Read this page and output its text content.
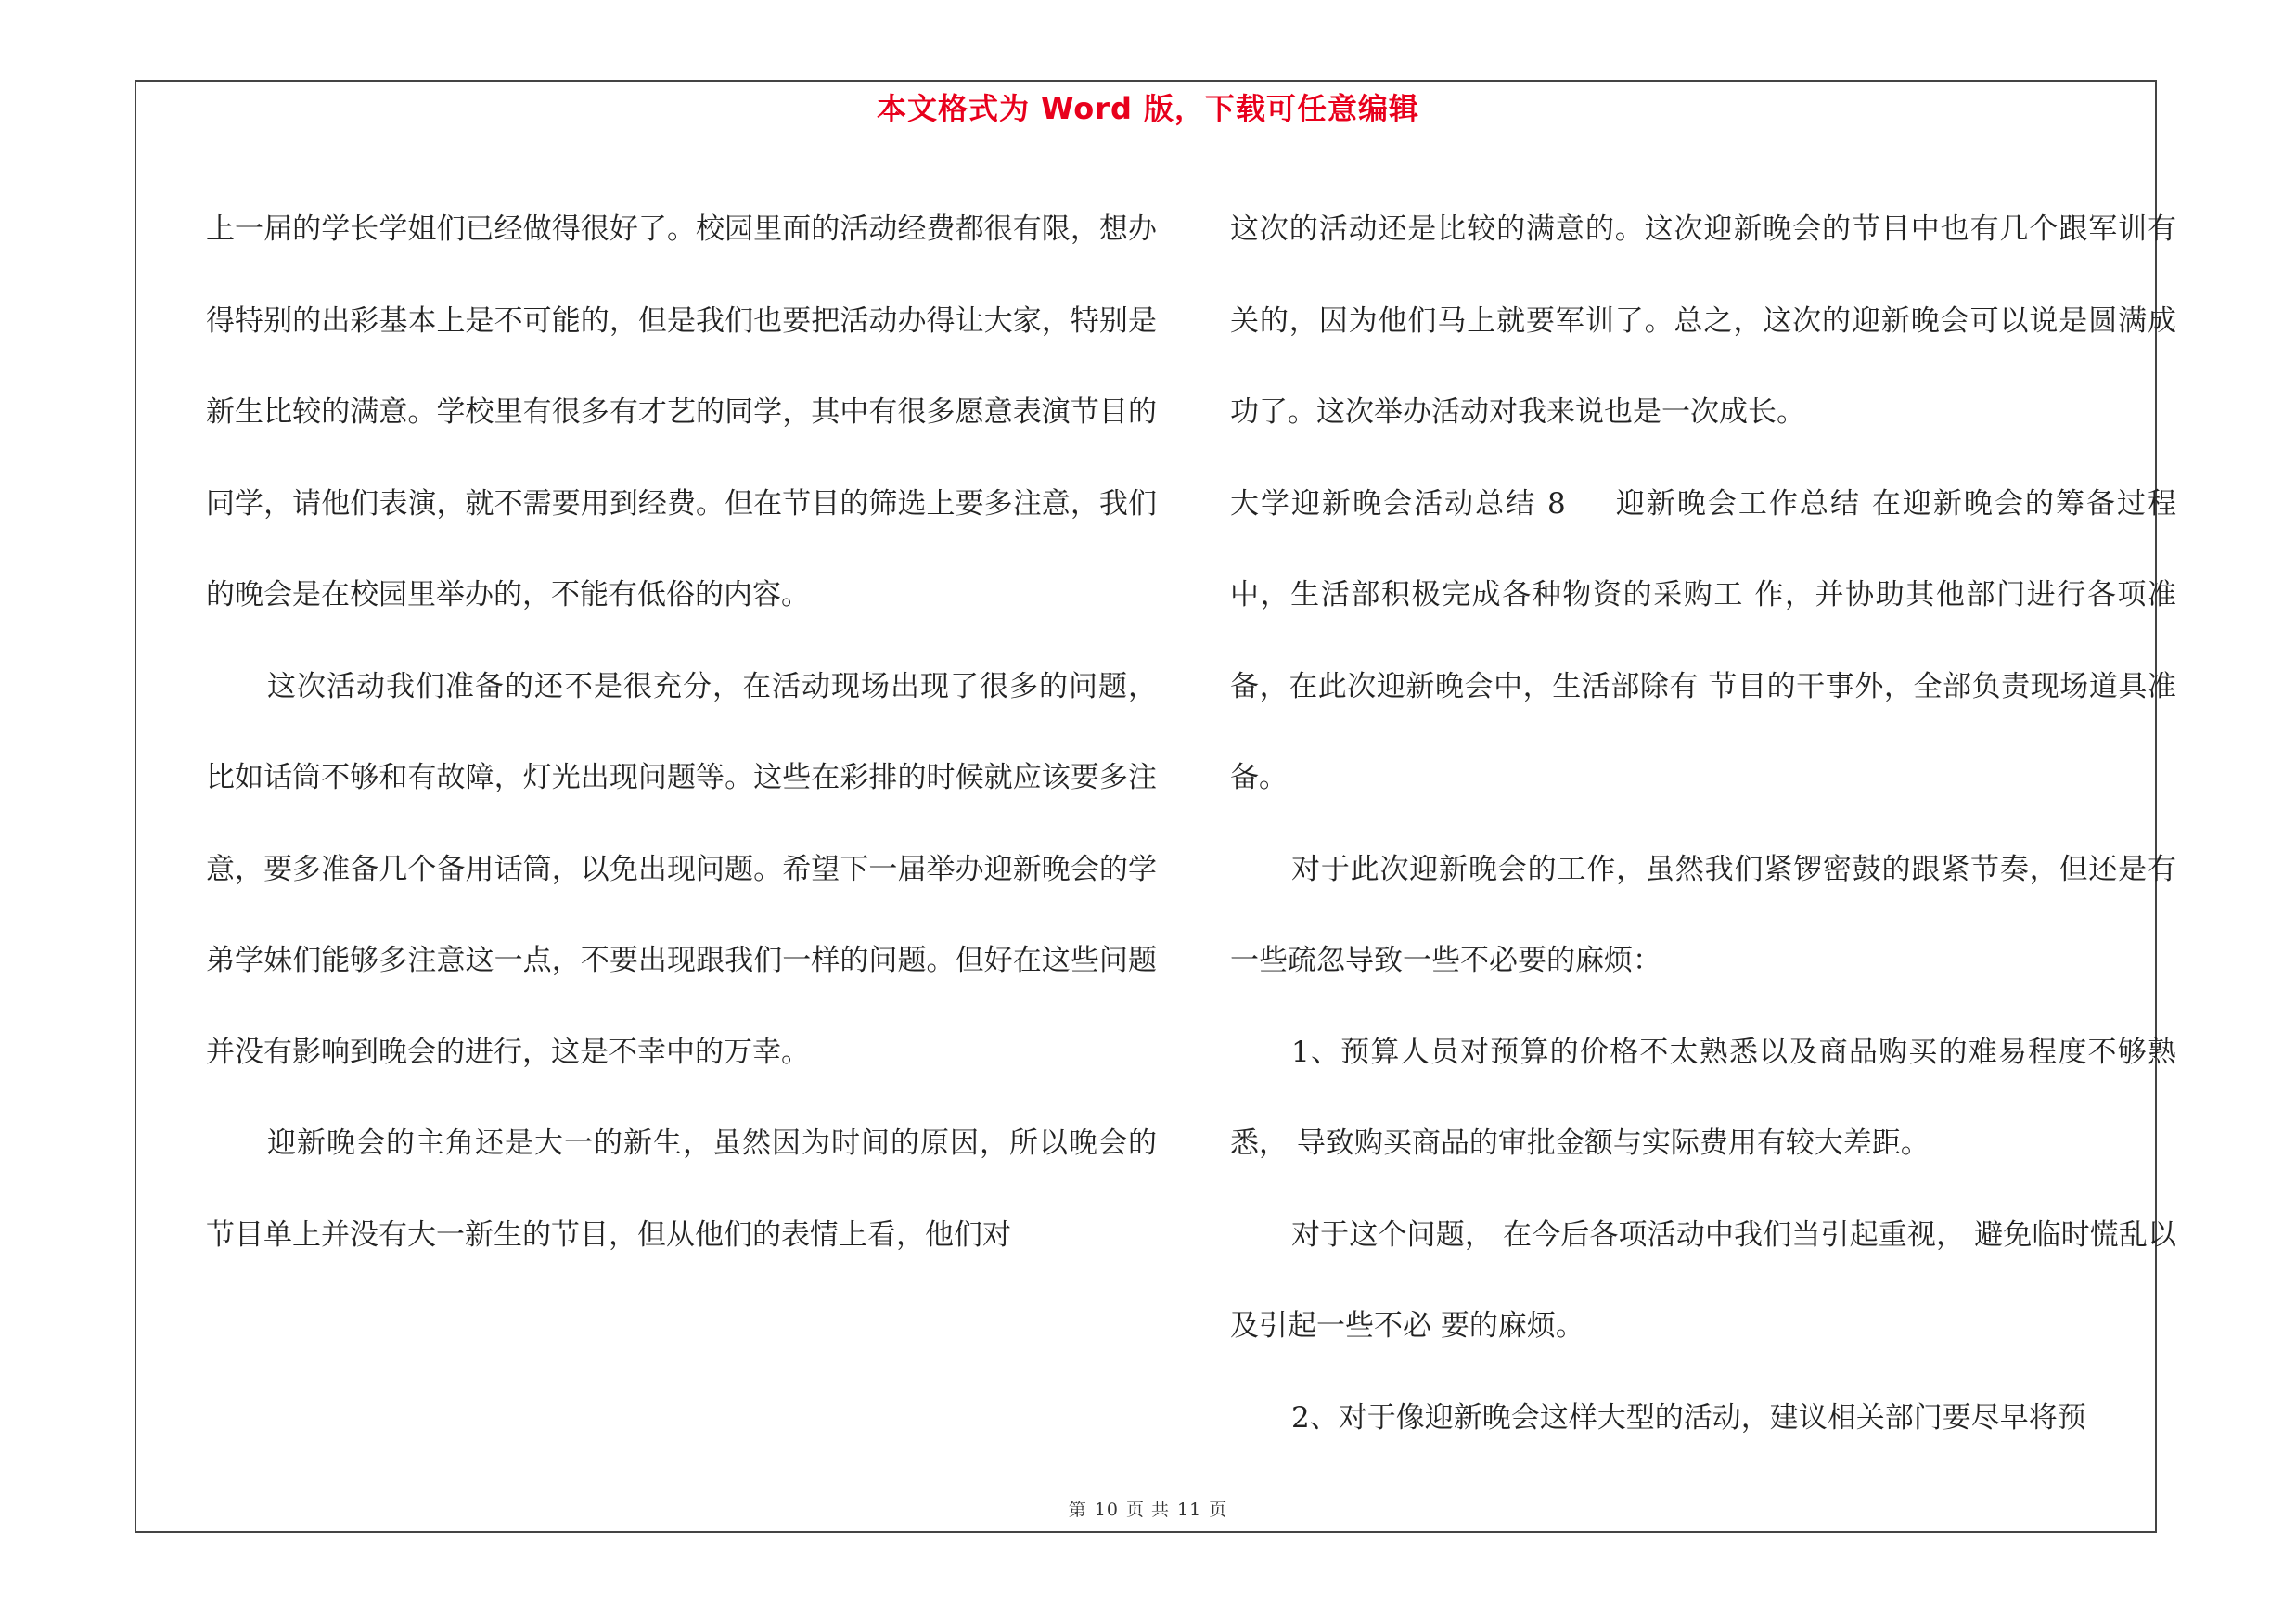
本文格式为 Word 版，下载可任意编辑

上一届的学长学姐们已经做得很好了。校园里面的活动经费都很有限，想办得特别的出彩基本上是不可能的，但是我们也要把活动办得让大家，特别是新生比较的满意。学校里有很多有才艺的同学，其中有很多愿意表演节目的同学，请他们表演，就不需要用到经费。但在节目的筛选上要多注意，我们的晚会是在校园里举办的，不能有低俗的内容。

这次活动我们准备的还不是很充分，在活动现场出现了很多的问题，比如话筒不够和有故障，灯光出现问题等。这些在彩排的时候就应该要多注意，要多准备几个备用话筒，以免出现问题。希望下一届举办迎新晚会的学弟学妹们能够多注意这一点，不要出现跟我们一样的问题。但好在这些问题并没有影响到晚会的进行，这是不幸中的万幸。

迎新晚会的主角还是大一的新生，虽然因为时间的原因，所以晚会的节目单上并没有大一新生的节目，但从他们的表情上看，他们对

这次的活动还是比较的满意的。这次迎新晚会的节目中也有几个跟军训有关的，因为他们马上就要军训了。总之，这次的迎新晚会可以说是圆满成功了。这次举办活动对我来说也是一次成长。

大学迎新晚会活动总结 8 迎新晚会工作总结 在迎新晚会的筹备过程中，生活部积极完成各种物资的采购工 作，并协助其他部门进行各项准备，在此次迎新晚会中，生活部除有 节目的干事外，全部负责现场道具准备。

对于此次迎新晚会的工作，虽然我们紧锣密鼓的跟紧节奏，但还是有一些疏忽导致一些不必要的麻烦：

1、预算人员对预算的价格不太熟悉以及商品购买的难易程度不够熟 悉， 导致购买商品的审批金额与实际费用有较大差距。

对于这个问题， 在今后各项活动中我们当引起重视， 避免临时慌乱以及引起一些不必 要的麻烦。

2、对于像迎新晚会这样大型的活动，建议相关部门要尽早将预

第 10 页 共 11 页
